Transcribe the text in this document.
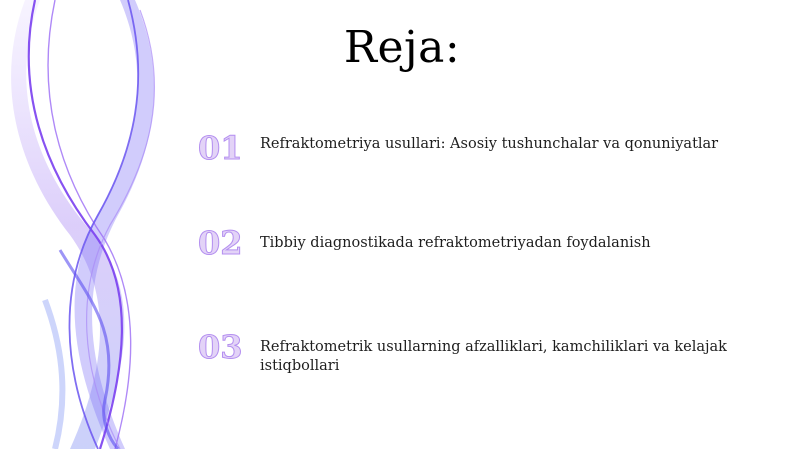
Reja:
01 Refraktometriya usullari: Asosiy tushunchalar va qonuniyatlar
02 Tibbiy diagnostikada refraktometriyadan foydalanish
03 Refraktometrik usullarning afzalliklari, kamchiliklari va kelajak istiqbollari
